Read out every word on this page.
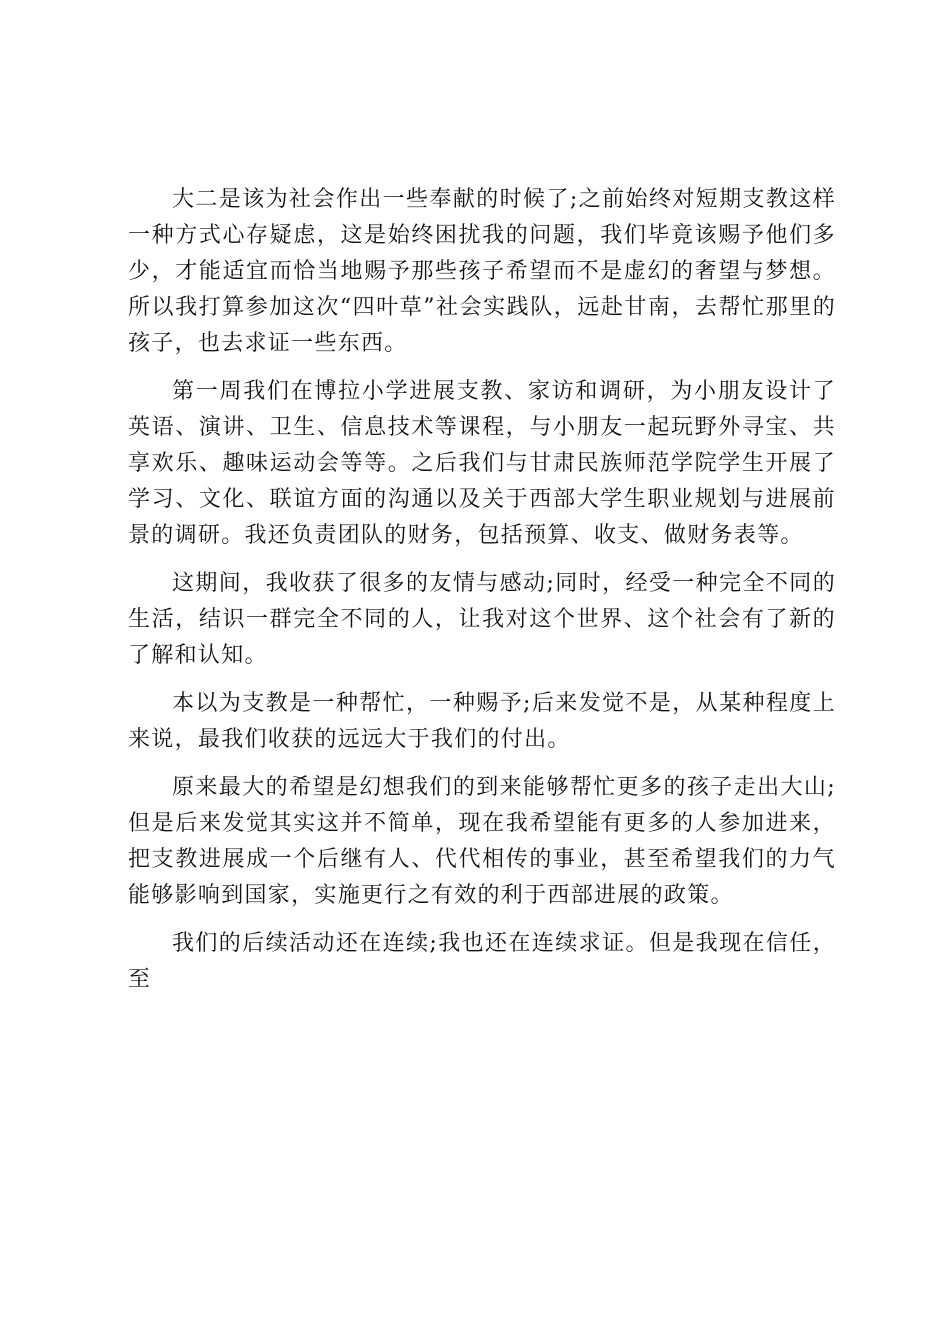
大二是该为社会作出一些奉献的时候了;之前始终对短期支教这样一种方式心存疑虑，这是始终困扰我的问题，我们毕竟该赐予他们多少，才能适宜而恰当地赐予那些孩子希望而不是虚幻的奢望与梦想。所以我打算参加这次“四叶草”社会实践队，远赴甘南，去帮忙那里的孩子，也去求证一些东西。

第一周我们在博拉小学进展支教、家访和调研，为小朋友设计了英语、演讲、卫生、信息技术等课程，与小朋友一起玩野外寻宝、共享欢乐、趣味运动会等等。之后我们与甘肃民族师范学院学生开展了学习、文化、联谊方面的沟通以及关于西部大学生职业规划与进展前景的调研。我还负责团队的财务，包括预算、收支、做财务表等。

这期间，我收获了很多的友情与感动;同时，经受一种完全不同的生活，结识一群完全不同的人，让我对这个世界、这个社会有了新的了解和认知。

本以为支教是一种帮忙，一种赐予;后来发觉不是，从某种程度上来说，最我们收获的远远大于我们的付出。

原来最大的希望是幻想我们的到来能够帮忙更多的孩子走出大山;但是后来发觉其实这并不简单，现在我希望能有更多的人参加进来，把支教进展成一个后继有人、代代相传的事业，甚至希望我们的力气能够影响到国家，实施更行之有效的利于西部进展的政策。

我们的后续活动还在连续;我也还在连续求证。但是我现在信任，至
